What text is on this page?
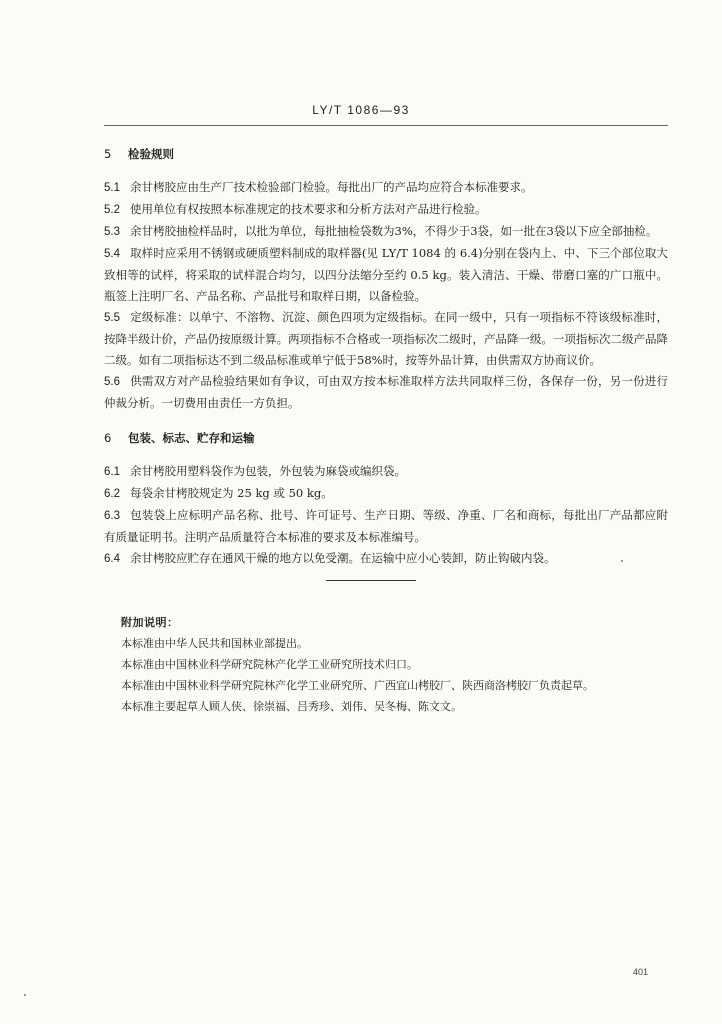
LY/T 1086—93
5 检验规则
5.1 余甘栲胶应由生产厂技术检验部门检验。每批出厂的产品均应符合本标准要求。
5.2 使用单位有权按照本标准规定的技术要求和分析方法对产品进行检验。
5.3 余甘栲胶抽检样品时，以批为单位，每批抽检袋数为3%，不得少于3袋，如一批在3袋以下应全部抽检。
5.4 取样时应采用不锈钢或硬质塑料制成的取样器(见 LY/T 1084 的 6.4)分别在袋内上、中、下三个部位取大致相等的试样，将采取的试样混合均匀，以四分法缩分至约 0.5 kg。装入清洁、干燥、带磨口塞的广口瓶中。瓶签上注明厂名、产品名称、产品批号和取样日期，以备检验。
5.5 定级标准：以单宁、不溶物、沉淀、颜色四项为定级指标。在同一级中，只有一项指标不符该级标准时，按降半级计价，产品仍按原级计算。两项指标不合格或一项指标次二级时，产品降一级。一项指标次二级产品降二级。如有二项指标达不到二级品标准或单宁低于58%时，按等外品计算，由供需双方协商议价。
5.6 供需双方对产品检验结果如有争议，可由双方按本标准取样方法共同取样三份，各保存一份，另一份进行仲裁分析。一切费用由责任一方负担。
6 包装、标志、贮存和运输
6.1 余甘栲胶用塑料袋作为包装，外包装为麻袋或编织袋。
6.2 每袋余甘栲胶规定为 25 kg 或 50 kg。
6.3 包装袋上应标明产品名称、批号、许可证号、生产日期、等级、净重、厂名和商标，每批出厂产品都应附有质量证明书。注明产品质量符合本标准的要求及本标准编号。
6.4 余甘栲胶应贮存在通风干燥的地方以免受潮。在运输中应小心装卸，防止钩破内袋。
附加说明：
本标准由中华人民共和国林业部提出。
本标准由中国林业科学研究院林产化学工业研究所技术归口。
本标准由中国林业科学研究院林产化学工业研究所、广西宜山栲胶厂、陕西商洛栲胶厂负责起草。
本标准主要起草人顾人侠、徐崇福、吕秀珍、刘伟、吴冬梅、陈文文。
401
